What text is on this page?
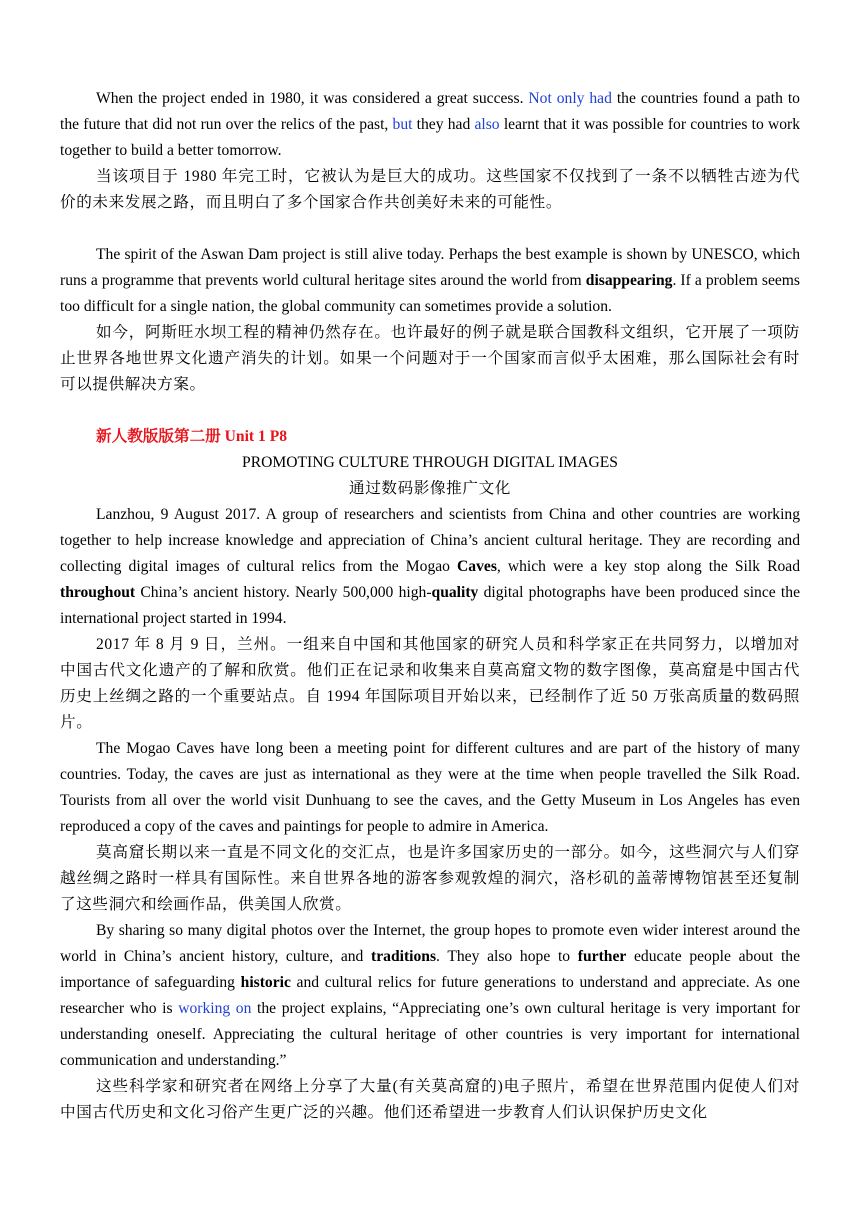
When the project ended in 1980, it was considered a great success. Not only had the countries found a path to the future that did not run over the relics of the past, but they had also learnt that it was possible for countries to work together to build a better tomorrow.

当该项目于 1980 年完工时，它被认为是巨大的成功。这些国家不仅找到了一条不以牺牲古迹为代价的未来发展之路，而且明白了多个国家合作共创美好未来的可能性。

The spirit of the Aswan Dam project is still alive today. Perhaps the best example is shown by UNESCO, which runs a programme that prevents world cultural heritage sites around the world from disappearing. If a problem seems too difficult for a single nation, the global community can sometimes provide a solution.

如今，阿斯旺水坝工程的精神仍然存在。也许最好的例子就是联合国教科文组织，它开展了一项防止世界各地世界文化遗产消失的计划。如果一个问题对于一个国家而言似乎太困难，那么国际社会有时可以提供解决方案。

新人教版版第二册 Unit 1 P8

PROMOTING CULTURE THROUGH DIGITAL IMAGES

通过数码影像推广文化

Lanzhou, 9 August 2017. A group of researchers and scientists from China and other countries are working together to help increase knowledge and appreciation of China’s ancient cultural heritage. They are recording and collecting digital images of cultural relics from the Mogao Caves, which were a key stop along the Silk Road throughout China’s ancient history. Nearly 500,000 high-quality digital photographs have been produced since the international project started in 1994.

2017 年 8 月 9 日，兰州。一组来自中国和其他国家的研究人员和科学家正在共同努力，以增加对中国古代文化遗产的了解和欣赏。他们正在记录和收集来自莫高窟文物的数字图像，莫高窟是中国古代历史上丝绸之路的一个重要站点。自 1994 年国际项目开始以来，已经制作了近 50 万张高质量的数码照片。

The Mogao Caves have long been a meeting point for different cultures and are part of the history of many countries. Today, the caves are just as international as they were at the time when people travelled the Silk Road. Tourists from all over the world visit Dunhuang to see the caves, and the Getty Museum in Los Angeles has even reproduced a copy of the caves and paintings for people to admire in America.

莫高窟长期以来一直是不同文化的交汇点，也是许多国家历史的一部分。如今，这些洞穴与人们穿越丝绸之路时一样具有国际性。来自世界各地的游客参观敦煌的洞穴，洛杉矶的盖蒂博物馆甚至还复制了这些洞穴和绘画作品，供美国人欣赏。

By sharing so many digital photos over the Internet, the group hopes to promote even wider interest around the world in China’s ancient history, culture, and traditions. They also hope to further educate people about the importance of safeguarding historic and cultural relics for future generations to understand and appreciate. As one researcher who is working on the project explains, “Appreciating one’s own cultural heritage is very important for understanding oneself. Appreciating the cultural heritage of other countries is very important for international communication and understanding.”

这些科学家和研究者在网络上分享了大量(有关莫高窟的)电子照片，希望在世界范围内促使人们对中国古代历史和文化习俗产生更广泛的兴趣。他们还希望进一步教育人们认识保护历史文化
